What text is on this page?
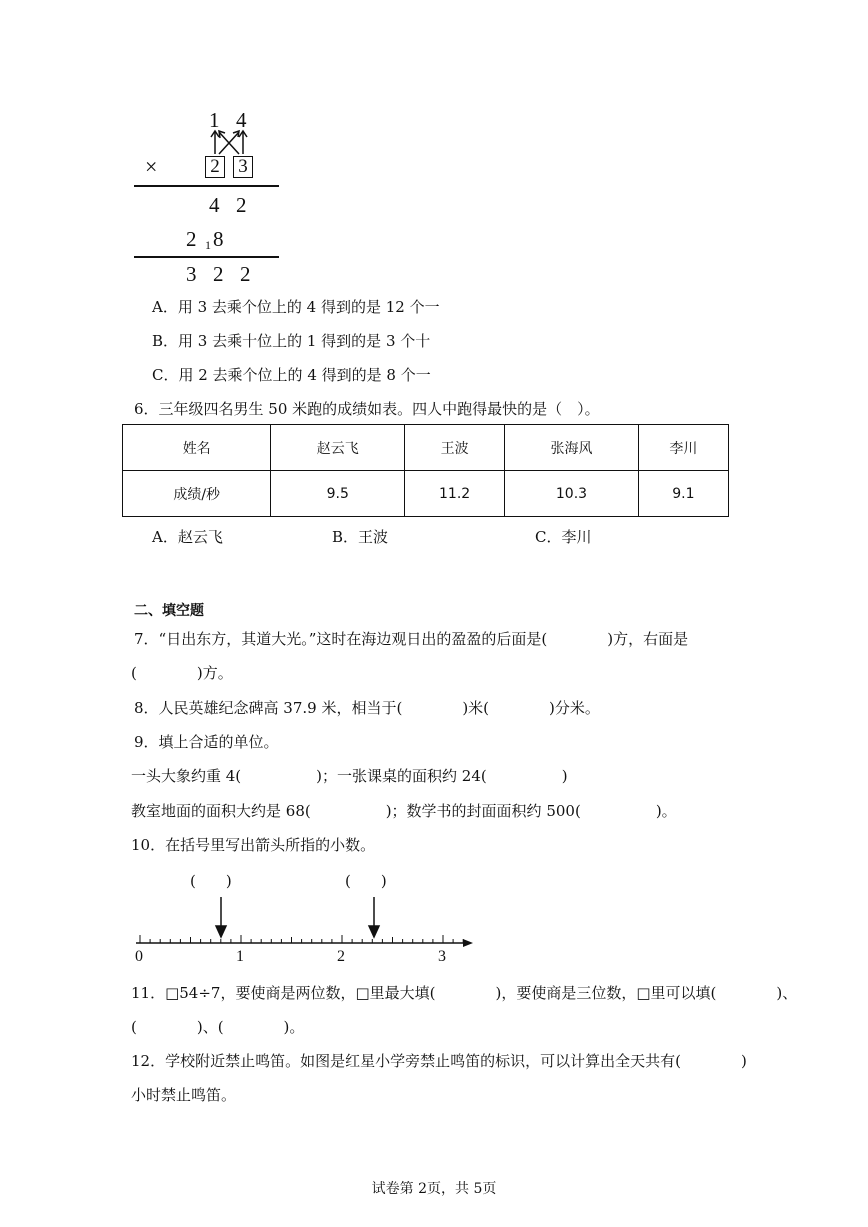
1 4
×	2 3
4 2
2 1 8
3 2 2
A．用 3 去乘个位上的 4 得到的是 12 个一
B．用 3 去乘十位上的 1 得到的是 3 个十
C．用 2 去乘个位上的 4 得到的是 8 个一
6．三年级四名男生 50 米跑的成绩如表。四人中跑得最快的是（　）。
姓名	赵云飞	王波	张海风	李川
成绩/秒	9.5	11.2	10.3	9.1
A．赵云飞	B．王波	C．李川
二、填空题
7．“日出东方，其道大光。”这时在海边观日出的盈盈的后面是(　　　　)方，右面是
(　　　　)方。
8．人民英雄纪念碑高 37.9 米，相当于(　　　　)米(　　　　)分米。
9．填上合适的单位。
一头大象约重 4(　　　　　)；一张课桌的面积约 24(　　　　　)
教室地面的面积大约是 68(　　　　　)；数学书的封面面积约 500(　　　　　)。
10．在括号里写出箭头所指的小数。
(　　)	(　　)
0	1	2	3
11．□54÷7，要使商是两位数，□里最大填(　　　　)，要使商是三位数，□里可以填(　　　　)、
(　　　　)、(　　　　)。
12．学校附近禁止鸣笛。如图是红星小学旁禁止鸣笛的标识，可以计算出全天共有(　　　　)
小时禁止鸣笛。
试卷第 2页，共 5页
